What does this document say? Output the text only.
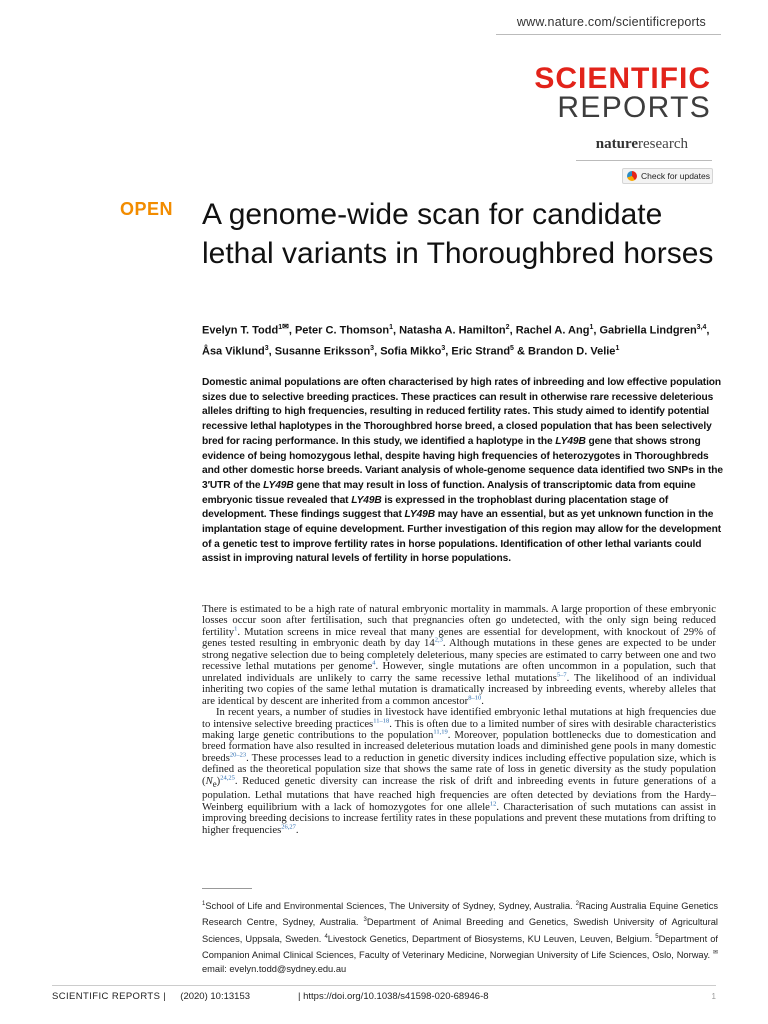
www.nature.com/scientificreports
SCIENTIFIC
REPORTS
natureresearch
Check for updates
OPEN A genome-wide scan for candidate lethal variants in Thoroughbred horses
Evelyn T. Todd$^1$✉, Peter C. Thomson$^1$, Natasha A. Hamilton$^2$, Rachel A. Ang$^1$, Gabriella Lindgren$^{3,4}$, Åsa Viklund$^3$, Susanne Eriksson$^3$, Sofia Mikko$^3$, Eric Strand$^5$ & Brandon D. Velie$^1$

Domestic animal populations are often characterised by high rates of inbreeding and low effective population sizes due to selective breeding practices. These practices can result in otherwise rare recessive deleterious alleles drifting to high frequencies, resulting in reduced fertility rates. This study aimed to identify potential recessive lethal haplotypes in the Thoroughbred horse breed, a closed population that has been selectively bred for racing performance. In this study, we identified a haplotype in the LY49B gene that shows strong evidence of being homozygous lethal, despite having high frequencies of heterozygotes in Thoroughbreds and other domestic horse breeds. Variant analysis of whole-genome sequence data identified two SNPs in the 3′UTR of the LY49B gene that may result in loss of function. Analysis of transcriptomic data from equine embryonic tissue revealed that LY49B is expressed in the trophoblast during placentation stage of development. These findings suggest that LY49B may have an essential, but as yet unknown function in the implantation stage of equine development. Further investigation of this region may allow for the development of a genetic test to improve fertility rates in horse populations. Identification of other lethal variants could assist in improving natural levels of fertility in horse populations.

There is estimated to be a high rate of natural embryonic mortality in mammals. A large proportion of these embryonic losses occur soon after fertilisation, such that pregnancies often go undetected, with the only sign being reduced fertility$^1$. Mutation screens in mice reveal that many genes are essential for development, with knockout of 29% of genes tested resulting in embryonic death by day 14$^{2,3}$. Although mutations in these genes are expected to be under strong negative selection due to being completely deleterious, many species are estimated to carry between one and two recessive lethal mutations per genome$^4$. However, single mutations are often uncommon in a population, such that unrelated individuals are unlikely to carry the same recessive lethal mutations$^{5-7}$. The likelihood of an individual inheriting two copies of the same lethal mutation is dramatically increased by inbreeding events, whereby alleles that are identical by descent are inherited from a common ancestor$^{8-10}$.

In recent years, a number of studies in livestock have identified embryonic lethal mutations at high frequencies due to intensive selective breeding practices$^{11-18}$. This is often due to a limited number of sires with desirable characteristics making large genetic contributions to the population$^{11,19}$. Moreover, population bottlenecks due to domestication and breed formation have also resulted in increased deleterious mutation loads and diminished gene pools in many domestic breeds$^{20-23}$. These processes lead to a reduction in genetic diversity indices including effective population size, which is defined as the theoretical population size that shows the same rate of loss in genetic diversity as the study population $(N_e)^{24,25}$. Reduced genetic diversity can increase the risk of drift and inbreeding events in future generations of a population. Lethal mutations that have reached high frequencies are often detected by deviations from the Hardy–Weinberg equilibrium with a lack of homozygotes for one allele$^{12}$. Characterisation of such mutations can assist in improving breeding decisions to increase fertility rates in these populations and prevent these mutations from drifting to higher frequencies$^{26,27}$.

$^1$School of Life and Environmental Sciences, The University of Sydney, Sydney, Australia. $^2$Racing Australia Equine Genetics Research Centre, Sydney, Australia. $^3$Department of Animal Breeding and Genetics, Swedish University of Agricultural Sciences, Uppsala, Sweden. $^4$Livestock Genetics, Department of Biosystems, KU Leuven, Leuven, Belgium. $^5$Department of Companion Animal Clinical Sciences, Faculty of Veterinary Medicine, Norwegian University of Life Sciences, Oslo, Norway. ✉email: evelyn.todd@sydney.edu.au
SCIENTIFIC REPORTS | (2020) 10:13153	| https://doi.org/10.1038/s41598-020-68946-8	1
